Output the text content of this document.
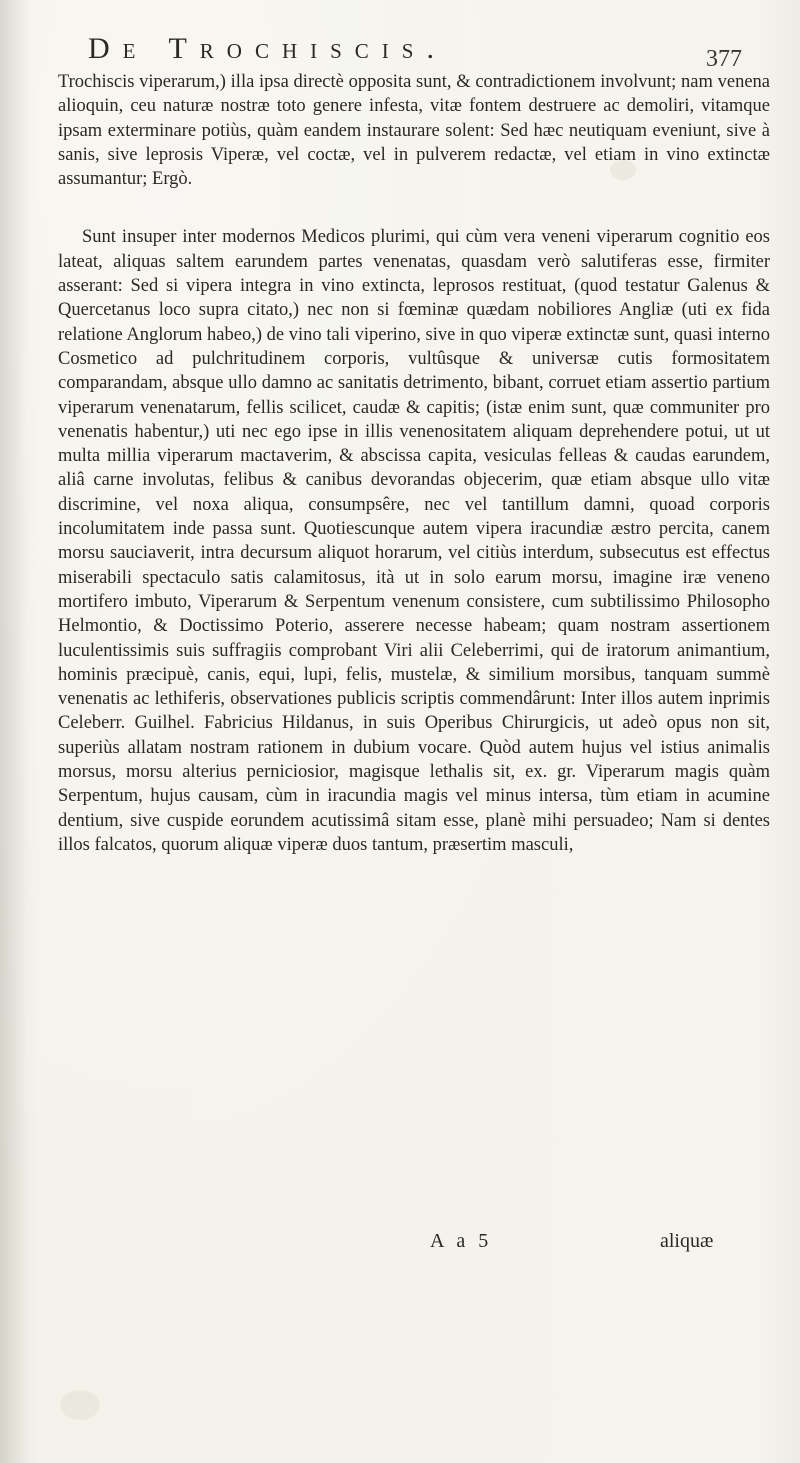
De Trochiscis.	377

Trochiscis viperarum,) illa ipsa directè opposita sunt, & contradictionem involvunt; nam venena alioquin, ceu naturæ nostræ toto genere infesta, vitæ fontem destruere ac demoliri, vitamque ipsam exterminare potiùs, quàm eandem instaurare solent: Sed hæc neutiquam eveniunt, sive à sanis, sive leprosis Viperæ, vel coctæ, vel in pulverem redactæ, vel etiam in vino extinctæ assumantur; Ergò.

Sunt insuper inter modernos Medicos plurimi, qui cùm vera veneni viperarum cognitio eos lateat, aliquas saltem earundem partes venenatas, quasdam verò salutiferas esse, firmiter asserant: Sed si vipera integra in vino extincta, leprosos restituat, (quod testatur Galenus & Quercetanus loco supra citato,) nec non si fœminæ quædam nobiliores Angliæ (uti ex fida relatione Anglorum habeo,) de vino tali viperino, sive in quo viperæ extinctæ sunt, quasi interno Cosmetico ad pulchritudinem corporis, vultûsque & universæ cutis formositatem comparandam, absque ullo damno ac sanitatis detrimento, bibant, corruet etiam assertio partium viperarum venenatarum, fellis scilicet, caudæ & capitis; (istæ enim sunt, quæ communiter pro venenatis habentur,) uti nec ego ipse in illis venenositatem aliquam deprehendere potui, ut ut multa millia viperarum mactaverim, & abscissa capita, vesiculas felleas & caudas earundem, aliâ carne involutas, felibus & canibus devorandas objecerim, quæ etiam absque ullo vitæ discrimine, vel noxa aliqua, consumpsêre, nec vel tantillum damni, quoad corporis incolumitatem inde passa sunt. Quotiescunque autem vipera iracundiæ æstro percita, canem morsu sauciaverit, intra decursum aliquot horarum, vel citiùs interdum, subsecutus est effectus miserabili spectaculo satis calamitosus, ità ut in solo earum morsu, imagine iræ veneno mortifero imbuto, Viperarum & Serpentum venenum consistere, cum subtilissimo Philosopho Helmontio, & Doctissimo Poterio, asserere necesse habeam; quam nostram assertionem luculentissimis suis suffragiis comprobant Viri alii Celeberrimi, qui de iratorum animantium, hominis præcipuè, canis, equi, lupi, felis, mustelæ, & similium morsibus, tanquam summè venenatis ac lethiferis, observationes publicis scriptis commendârunt: Inter illos autem inprimis Celeberr. Guilhel. Fabricius Hildanus, in suis Operibus Chirurgicis, ut adeò opus non sit, superiùs allatam nostram rationem in dubium vocare. Quòd autem hujus vel istius animalis morsus, morsu alterius perniciosior, magisque lethalis sit, ex. gr. Viperarum magis quàm Serpentum, hujus causam, cùm in iracundia magis vel minus intersa, tùm etiam in acumine dentium, sive cuspide eorundem acutissimâ sitam esse, planè mihi persuadeo; Nam si dentes illos falcatos, quorum aliquæ viperæ duos tantum, præsertim masculi,

A a 5	aliquæ
